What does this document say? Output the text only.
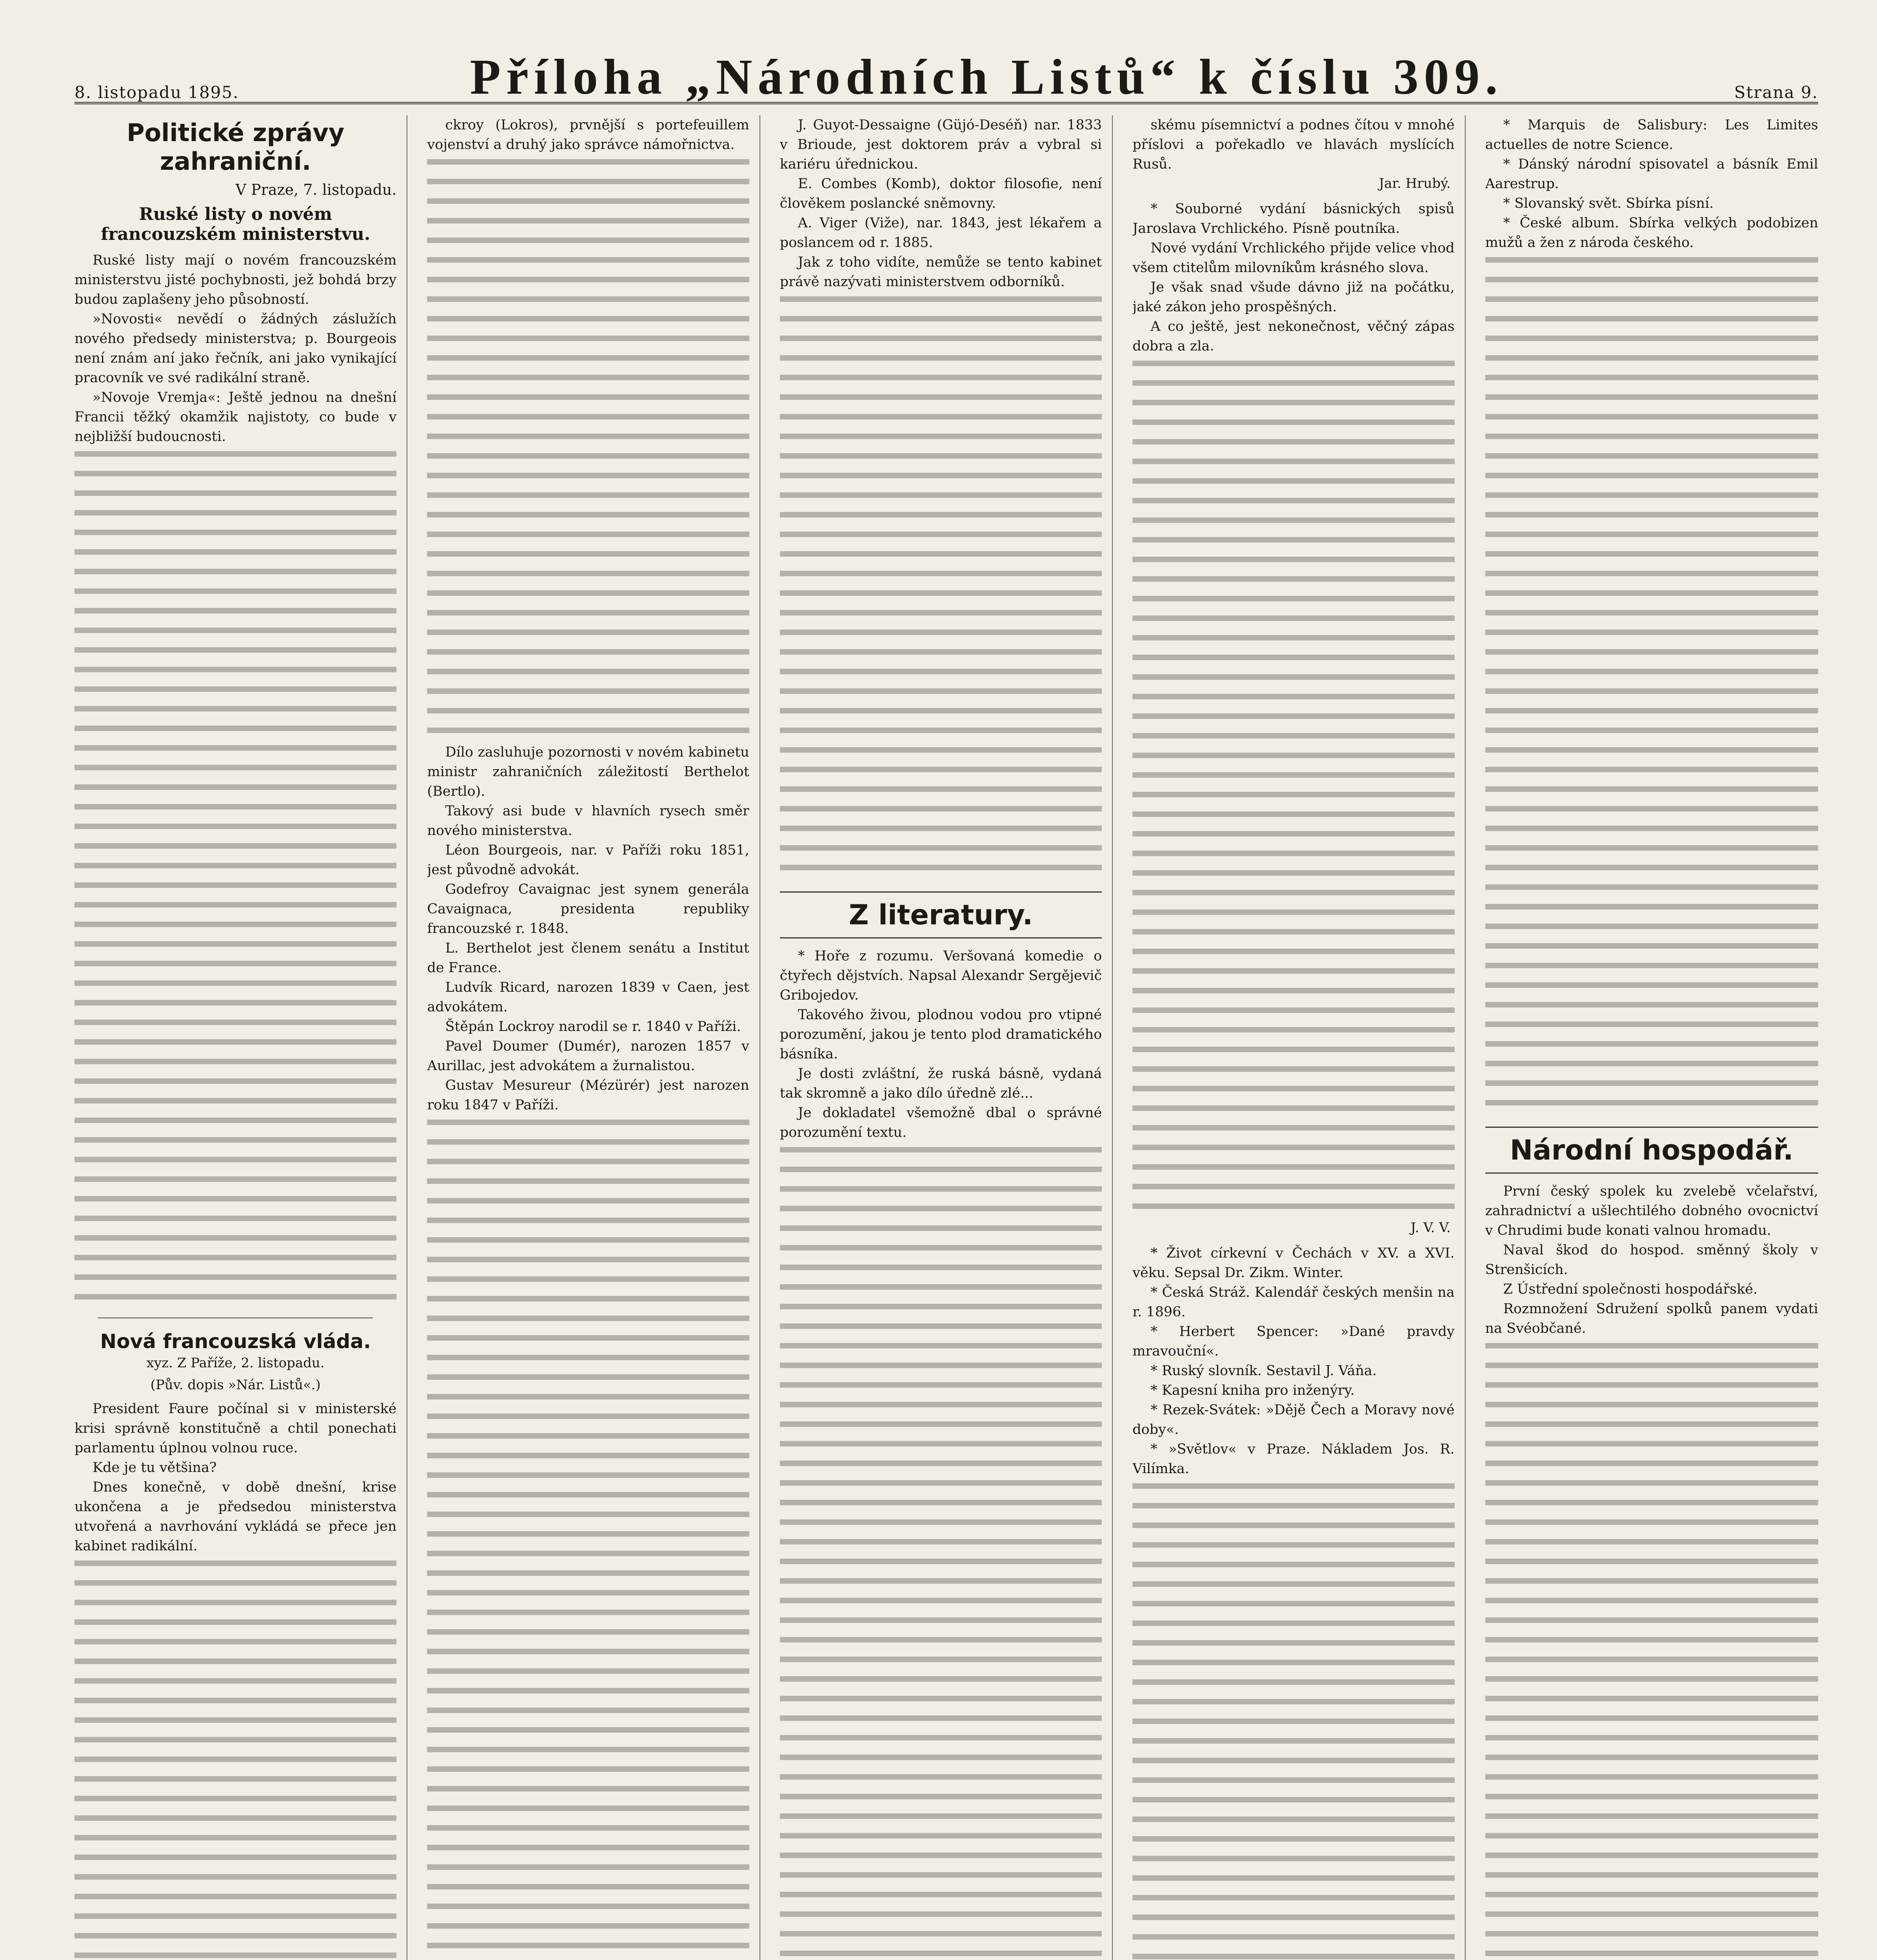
8. listopadu 1895.	Příloha „Národních Listů“ k číslu 309.	Strana 9.
Politické zprávy zahraniční.
V Praze, 7. listopadu.
Ruské listy o novém francouzském ministerstvu.

Ruské listy mají o novém francouzském ministerstvu jisté pochybnosti, jež bohdá brzy budou zaplašeny jeho působností.

»Novosti« nevědí o žádných záslužích nového předsedy ministerstva; p. Bourgeois není znám aní jako řečník, ani jako vynikající pracovník ve své radikální straně.

»Novoje Vremja«: Ještě jednou na dnešní Francii těžký okamžik najistoty, co bude v nejbližší budoucnosti.

Nová francouzská vláda.
xyz. Z Paříže, 2. listopadu.
(Pův. dopis »Nár. Listů«.)

President Faure počínal si v ministerské krisi správně konstitučně a chtil ponechati parlamentu úplnou volnou ruce.

Kde je tu většina?

Dnes konečně, v době dnešní, krise ukončena a je předsedou ministerstva utvořená a navrhování vykládá se přece jen kabinet radikální.

ckroy (Lokros), prvnější s portefeuillem vojenství a druhý jako správce námořnictva.

Dílo zasluhuje pozornosti v novém kabinetu ministr zahraničních záležitostí Berthelot (Bertlo).

Takový asi bude v hlavních rysech směr nového ministerstva.

Léon Bourgeois, nar. v Paříži roku 1851, jest původně advokát.

Godefroy Cavaignac jest synem generála Cavaignaca, presidenta republiky francouzské r. 1848.

L. Berthelot jest členem senátu a Institut de France.

Ludvík Ricard, narozen 1839 v Caen, jest advokátem.

Štěpán Lockroy narodil se r. 1840 v Paříži.

Pavel Doumer (Dumér), narozen 1857 v Aurillac, jest advokátem a žurnalistou.

Gustav Mesureur (Mézürér) jest narozen roku 1847 v Paříži.

J. Guyot-Dessaigne (Güjó-Deséň) nar. 1833 v Brioude, jest doktorem práv a vybral si kariéru úřednickou.

E. Combes (Komb), doktor filosofie, není člověkem poslancké sněmovny.

A. Viger (Viže), nar. 1843, jest lékařem a poslancem od r. 1885.

Jak z toho vidíte, nemůže se tento kabinet právě nazývati ministerstvem odborníků.

Z literatury.

* Hoře z rozumu. Veršovaná komedie o čtyřech dějstvích. Napsal Alexandr Sergějevič Gribojedov.

Takového živou, plodnou vodou pro vtipné porozumění, jakou je tento plod dramatického básníka.

Je dosti zvláštní, že ruská básně, vydaná tak skromně a jako dílo úředně zlé...

Je dokladatel všemožně dbal o správné porozumění textu.

skému písemnictví a podnes čítou v mnohé příslovi a pořekadlo ve hlavách myslících Rusů.

Jar. Hrubý.

* Souborné vydání básnických spisů Jaroslava Vrchlického. Písně poutníka.

Nové vydání Vrchlického přijde velice vhod všem ctitelům milovníkům krásného slova.

Je však snad všude dávno již na počátku, jaké zákon jeho prospěšných.

A co ještě, jest nekonečnost, věčný zápas dobra a zla.

J. V. V.

* Život církevní v Čechách v XV. a XVI. věku. Sepsal Dr. Zikm. Winter.

* Česká Stráž. Kalendář českých menšin na r. 1896.

* Herbert Spencer: »Dané pravdy mravouční«.

* Ruský slovník. Sestavil J. Váňa.

* Kapesní kniha pro inženýry.

* Rezek-Svátek: »Dějě Čech a Moravy nové doby«.

* »Světlov« v Praze. Nákladem Jos. R. Vilímka.

* Marquis de Salisbury: Les Limites actuelles de notre Science.

* Dánský národní spisovatel a básník Emil Aarestrup.

* Slovanský svět. Sbírka písní.

* České album. Sbírka velkých podobizen mužů a žen z národa českého.

Národní hospodář.

První český spolek ku zvelebě včelařství, zahradnictví a ušlechtilého dobného ovocnictví v Chrudimi bude konati valnou hromadu.

Naval škod do hospod. směnný školy v Strenšicích.

Z Ústřední společnosti hospodářské.

Rozmnožení Sdružení spolků panem vydati na Svéobčané.
